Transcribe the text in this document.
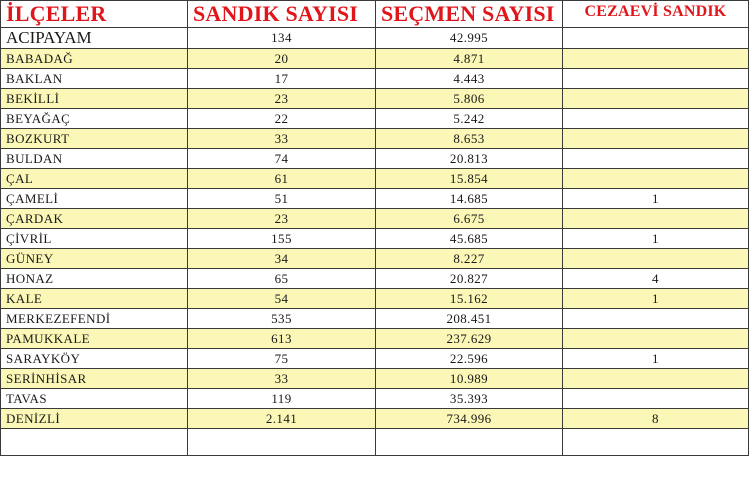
İLÇELER	SANDIK SAYISI	SEÇMEN SAYISI	CEZAEVİ SANDIK
ACIPAYAM	134	42.995	
BABADAĞ	20	4.871	
BAKLAN	17	4.443	
BEKİLLİ	23	5.806	
BEYAĞAÇ	22	5.242	
BOZKURT	33	8.653	
BULDAN	74	20.813	
ÇAL	61	15.854	
ÇAMELİ	51	14.685	1
ÇARDAK	23	6.675	
ÇİVRİL	155	45.685	1
GÜNEY	34	8.227	
HONAZ	65	20.827	4
KALE	54	15.162	1
MERKEZEFENDİ	535	208.451	
PAMUKKALE	613	237.629	
SARAYKÖY	75	22.596	1
SERİNHİSAR	33	10.989	
TAVAS	119	35.393	
DENİZLİ	2.141	734.996	8
